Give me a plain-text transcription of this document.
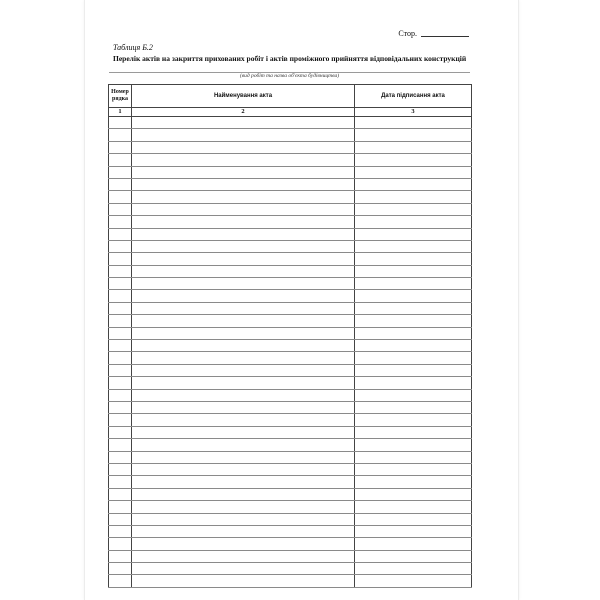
Стор.
Таблиця Б.2
Перелік актів на закриття прихованих робіт і актів проміжного прийняття відповідальних конструкцій
(вид робіт та назва об'єкта будівництва)
Номер рядка	Найменування акта	Дата підписання акта
1	2	3
